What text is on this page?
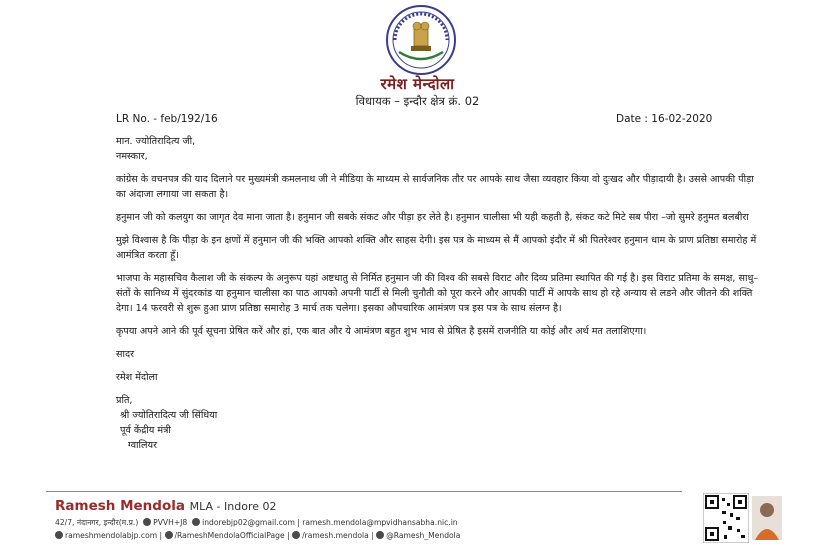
रमेश मेन्दोला
विधायक – इन्दौर क्षेत्र क्रं. 02
LR No. - feb/192/16	Date : 16-02-2020

मान. ज्योतिरादित्य जी,

नमस्कार,

कांग्रेस के वचनपत्र की याद दिलाने पर मुख्यमंत्री कमलनाथ जी ने मीडिया के माध्यम से सार्वजनिक तौर पर आपके साथ जैसा व्यवहार किया वो दुःखद और पीड़ादायी है। उससे आपकी पीड़ा का अंदाजा लगाया जा सकता है।

हनुमान जी को कलयुग का जागृत देव माना जाता है। हनुमान जी सबके संकट और पीड़ा हर लेते है। हनुमान चालीसा भी यही कहती है, संकट कटे मिटे सब पीरा –जो सुमरे हनुमत बलबीरा

मुझे विश्वास है कि पीड़ा के इन क्षणों में हनुमान जी की भक्ति आपको शक्ति और साहस देगी। इस पत्र के माध्यम से मैं आपको इंदौर में श्री पितरेश्वर हनुमान धाम के प्राण प्रतिष्ठा समारोह में आमंत्रित करता हूँ।

भाजपा के महासचिव कैलाश जी के संकल्प के अनुरूप यहां अष्टधातु से निर्मित हनुमान जी की विश्व की सबसे विराट और दिव्य प्रतिमा स्थापित की गई है। इस विराट प्रतिमा के समक्ष, साधु– संतों के सानिध्य में सुंदरकांड या हनुमान चालीसा का पाठ आपको अपनी पार्टी से मिली चुनौती को पूरा करने और आपकी पार्टी में आपके साथ हो रहे अन्याय से लडने और जीतने की शक्ति देगा। 14 फरवरी से शुरू हुआ प्राण प्रतिष्ठा समारोह 3 मार्च तक चलेगा। इसका औपचारिक आमंत्रण पत्र इस पत्र के साथ संलग्न है।

कृपया अपने आने की पूर्व सूचना प्रेषित करें और हां, एक बात और ये आमंत्रण बहुत शुभ भाव से प्रेषित है इसमें राजनीति या कोई और अर्थ मत तलाशिएगा।

सादर

रमेश मेंदोला

प्रति,

श्री ज्योतिरादित्य जी सिंधिया

पूर्व केंद्रीय मंत्री

ग्वालियर

Ramesh Mendola MLA - Indore 02
42/7, नंदानगर, इन्दौर(म.प्र.) PVVH+J8 indorebjp02@gmail.com | ramesh.mendola@mpvidhansabha.nic.in
rameshmendolabjp.com | /RameshMendolaOfficialPage | /ramesh.mendola | @Ramesh_Mendola
